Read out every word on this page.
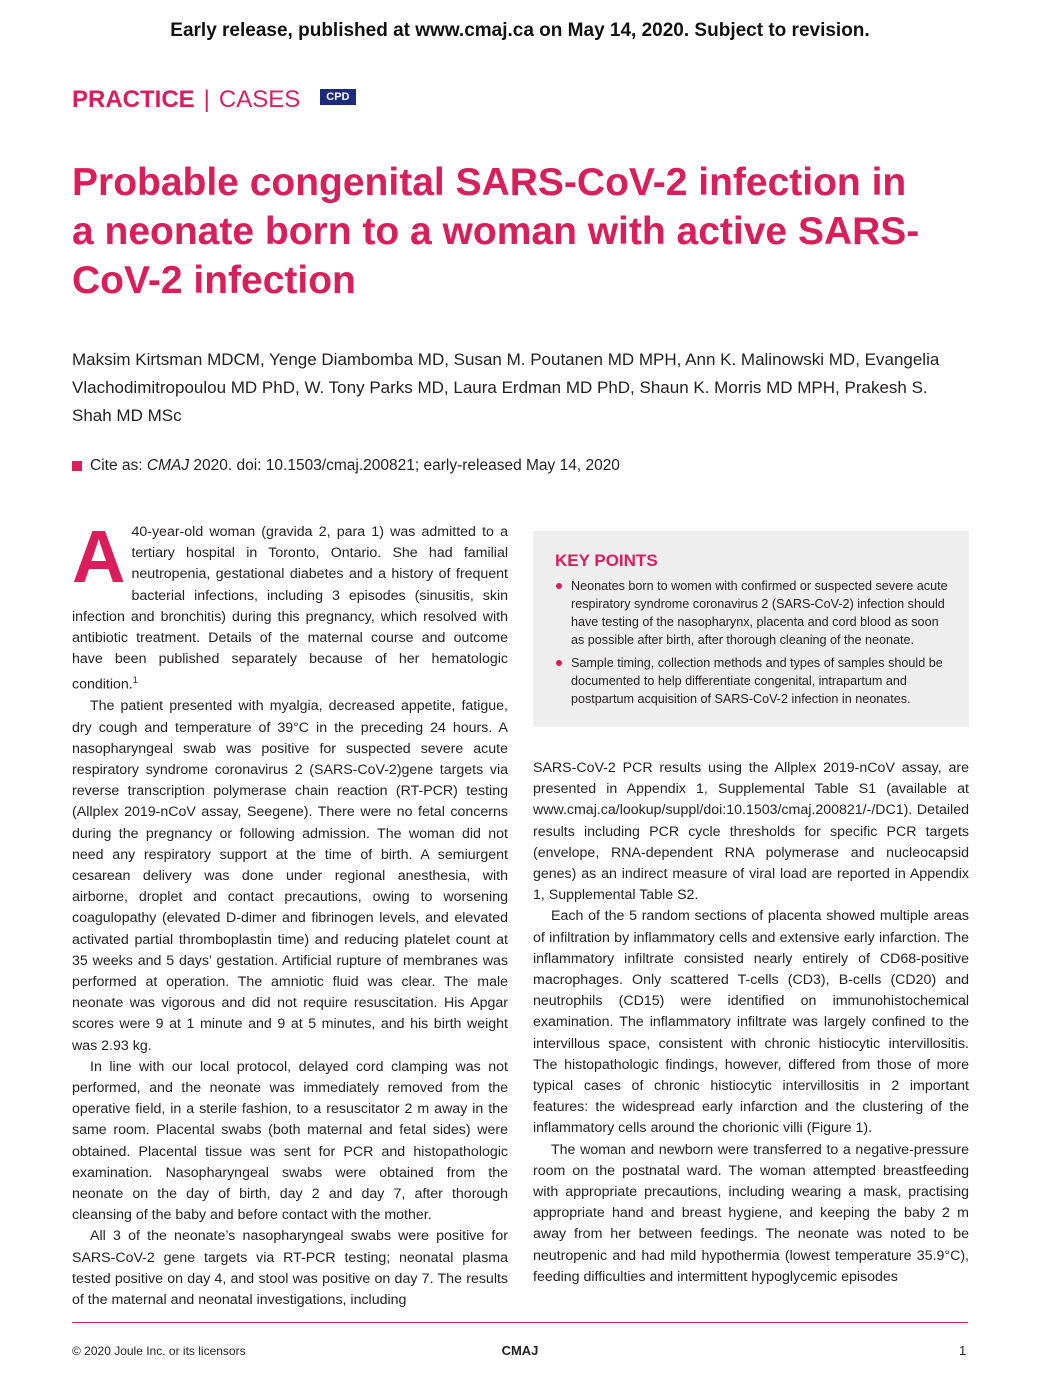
Early release, published at www.cmaj.ca on May 14, 2020. Subject to revision.
PRACTICE | CASES	CPD
Probable congenital SARS-CoV-2 infection in a neonate born to a woman with active SARS-CoV-2 infection
Maksim Kirtsman MDCM, Yenge Diambomba MD, Susan M. Poutanen MD MPH, Ann K. Malinowski MD, Evangelia Vlachodimitropoulou MD PhD, W. Tony Parks MD, Laura Erdman MD PhD, Shaun K. Morris MD MPH, Prakesh S. Shah MD MSc
Cite as:
CMAJ
2020. doi: 10.1503/cmaj.200821; early-released May 14, 2020

A 40-year-old woman (gravida 2, para 1) was admitted to a tertiary hospital in Toronto, Ontario. She had familial neutropenia, gestational diabetes and a history of frequent bacterial infections, including 3 episodes (sinusitis, skin infection and bronchitis) during this pregnancy, which resolved with antibiotic treatment. Details of the maternal course and outcome have been published separately because of her hematologic condition.$^1$

The patient presented with myalgia, decreased appetite, fatigue, dry cough and temperature of 39°C in the preceding 24 hours. A nasopharyngeal swab was positive for suspected severe acute respiratory syndrome coronavirus 2 (SARS-CoV-2)gene targets via reverse transcription polymerase chain reaction (RT-PCR) testing (Allplex 2019-nCoV assay, Seegene). There were no fetal concerns during the pregnancy or following admission. The woman did not need any respiratory support at the time of birth. A semiurgent cesarean delivery was done under regional anesthesia, with airborne, droplet and contact precautions, owing to worsening coagulopathy (elevated D-dimer and fibrinogen levels, and elevated activated partial thromboplastin time) and reducing platelet count at 35 weeks and 5 days’ gestation. Artificial rupture of membranes was performed at operation. The amniotic fluid was clear. The male neonate was vigorous and did not require resuscitation. His Apgar scores were 9 at 1 minute and 9 at 5 minutes, and his birth weight was 2.93 kg.

In line with our local protocol, delayed cord clamping was not performed, and the neonate was immediately removed from the operative field, in a sterile fashion, to a resuscitator 2 m away in the same room. Placental swabs (both maternal and fetal sides) were obtained. Placental tissue was sent for PCR and histopathologic examination. Nasopharyngeal swabs were obtained from the neonate on the day of birth, day 2 and day 7, after thorough cleansing of the baby and before contact with the mother.

All 3 of the neonate’s nasopharyngeal swabs were positive for SARS-CoV-2 gene targets via RT-PCR testing; neonatal plasma tested positive on day 4, and stool was positive on day 7. The results of the maternal and neonatal investigations, including

KEY POINTS
Neonates born to women with confirmed or suspected severe acute respiratory syndrome coronavirus 2 (SARS-CoV-2) infection should have testing of the nasopharynx, placenta and cord blood as soon as possible after birth, after thorough cleaning of the neonate.
Sample timing, collection methods and types of samples should be documented to help differentiate congenital, intrapartum and postpartum acquisition of SARS-CoV-2 infection in neonates.

SARS-CoV-2 PCR results using the Allplex 2019-nCoV assay, are presented in Appendix 1, Supplemental Table S1 (available at www.cmaj.ca/lookup/suppl/doi:10.1503/cmaj.200821/-/DC1). Detailed results including PCR cycle thresholds for specific PCR targets (envelope, RNA-dependent RNA polymerase and nucleocapsid genes) as an indirect measure of viral load are reported in Appendix 1, Supplemental Table S2.

Each of the 5 random sections of placenta showed multiple areas of infiltration by inflammatory cells and extensive early infarction. The inflammatory infiltrate consisted nearly entirely of CD68-positive macrophages. Only scattered T-cells (CD3), B-cells (CD20) and neutrophils (CD15) were identified on immunohistochemical examination. The inflammatory infiltrate was largely confined to the intervillous space, consistent with chronic histiocytic intervillositis. The histopathologic findings, however, differed from those of more typical cases of chronic histiocytic intervillositis in 2 important features: the widespread early infarction and the clustering of the inflammatory cells around the chorionic villi (Figure 1).

The woman and newborn were transferred to a negative-pressure room on the postnatal ward. The woman attempted breastfeeding with appropriate precautions, including wearing a mask, practising appropriate hand and breast hygiene, and keeping the baby 2 m away from her between feedings. The neonate was noted to be neutropenic and had mild hypothermia (lowest temperature 35.9°C), feeding difficulties and intermittent hypoglycemic episodes

© 2020 Joule Inc. or its licensors	CMAJ	1
